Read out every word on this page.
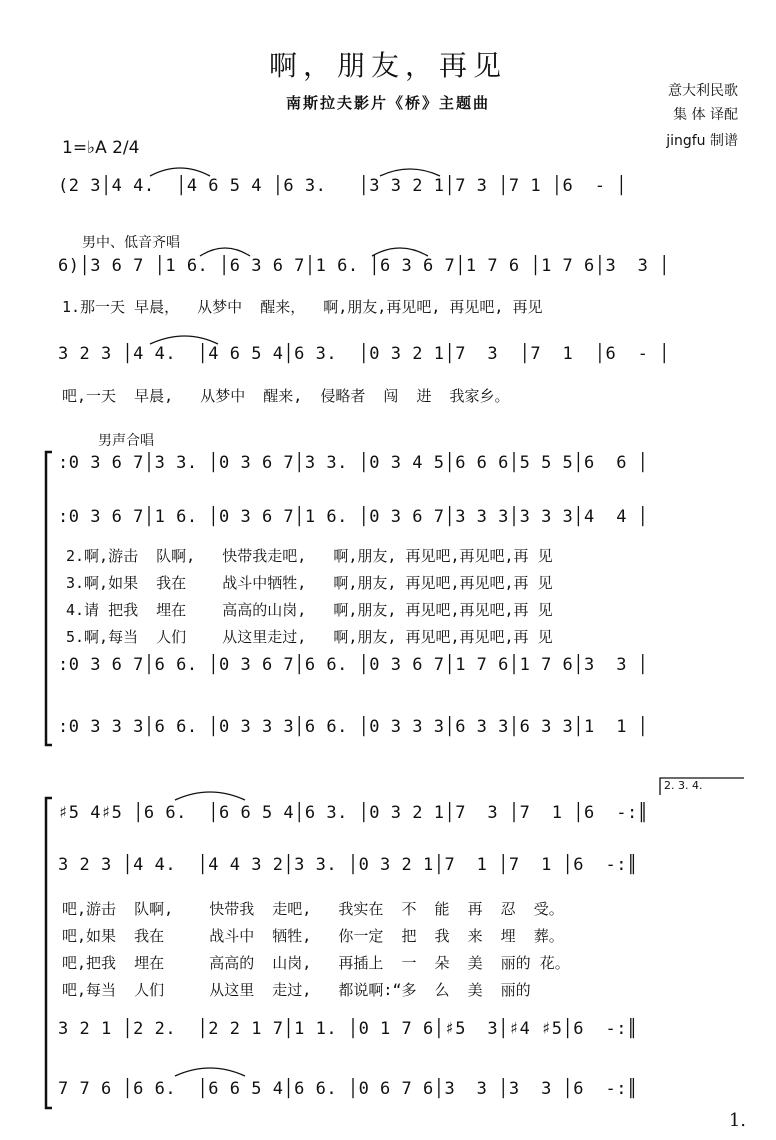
啊，朋友，再见
南斯拉夫影片《桥》主题曲
意大利民歌
集 体 译配
jingfu 制谱
1=♭A 2/4
(2 3│4 4.  │4 6 5 4 │6 3.   │3 3 2 1│7 3 │7 1 │6  - │
男中、低音齐唱
6)│3 6 7 │1 6. │6 3 6 7│1 6. │6 3 6 7│1 7 6 │1 7 6│3  3 │
1.那一天 早晨，  从梦中  醒来，  啊,朋友,再见吧, 再见吧, 再见
3 2 3 │4 4.  │4 6 5 4│6 3.  │0 3 2 1│7  3  │7  1  │6  - │
吧,一天  早晨,   从梦中  醒来,  侵略者  闯  进  我家乡。
男声合唱
:0 3 6 7│3 3. │0 3 6 7│3 3. │0 3 4 5│6 6 6│5 5 5│6  6 │
:0 3 6 7│1 6. │0 3 6 7│1 6. │0 3 6 7│3 3 3│3 3 3│4  4 │
2.啊,游击  队啊,   快带我走吧,   啊,朋友, 再见吧,再见吧,再 见
3.啊,如果  我在    战斗中牺牲,   啊,朋友, 再见吧,再见吧,再 见
4.请 把我  埋在    高高的山岗,   啊,朋友, 再见吧,再见吧,再 见
5.啊,每当  人们    从这里走过,   啊,朋友, 再见吧,再见吧,再 见
:0 3 6 7│6 6. │0 3 6 7│6 6. │0 3 6 7│1 7 6│1 7 6│3  3 │
:0 3 3 3│6 6. │0 3 3 3│6 6. │0 3 3 3│6 3 3│6 3 3│1  1 │
2. 3. 4.
♯5 4♯5 │6 6.  │6 6 5 4│6 3. │0 3 2 1│7  3 │7  1 │6  -:║
3 2 3 │4 4.  │4 4 3 2│3 3. │0 3 2 1│7  1 │7  1 │6  -:║
吧,游击  队啊,    快带我  走吧,   我实在  不  能  再  忍  受。
吧,如果  我在     战斗中  牺牲,   你一定  把  我  来  埋  葬。
吧,把我  埋在     高高的  山岗,   再插上  一  朵  美  丽的 花。
吧,每当  人们     从这里  走过,   都说啊:“多  么  美  丽的
3 2 1 │2 2.  │2 2 1 7│1 1. │0 1 7 6│♯5  3│♯4 ♯5│6  -:║
7 7 6 │6 6.  │6 6 5 4│6 6. │0 6 7 6│3  3 │3  3 │6  -:║
1.
